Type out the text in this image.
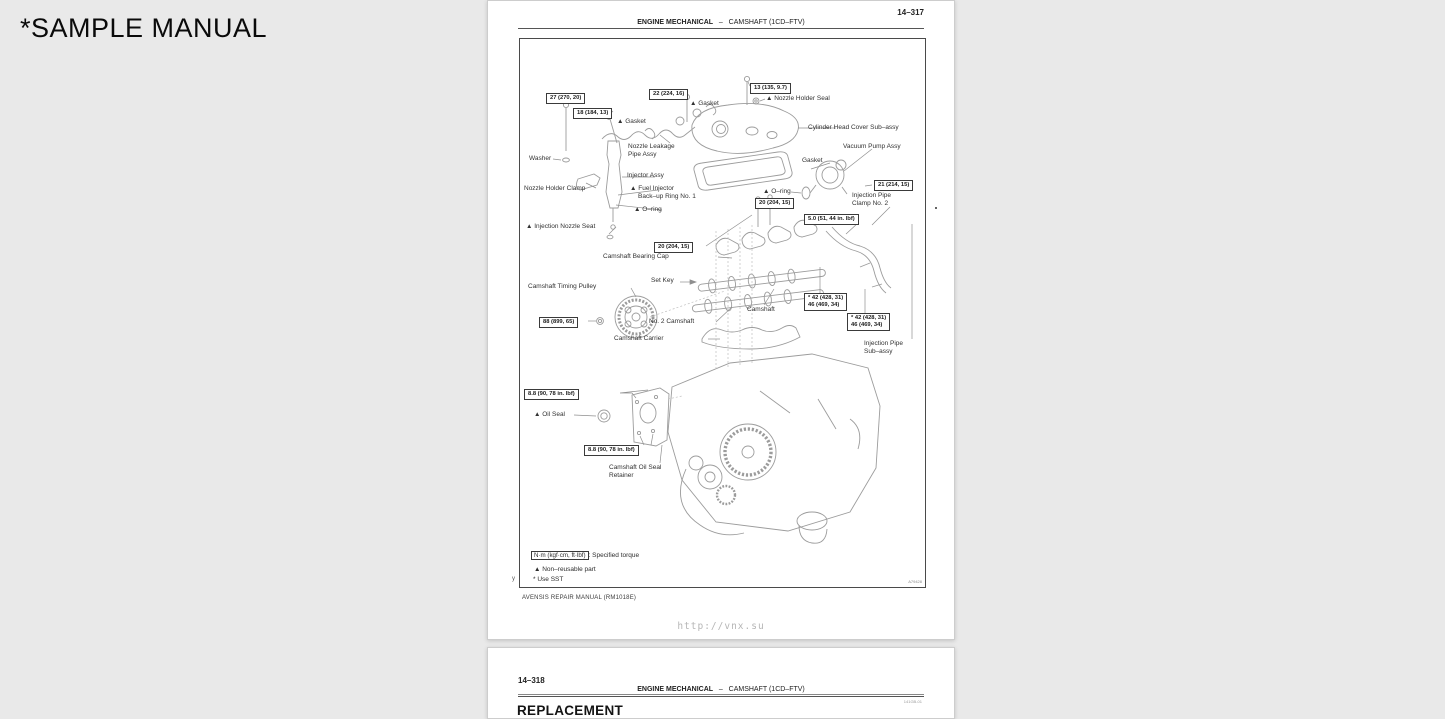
*SAMPLE MANUAL
14–317
ENGINE MECHANICAL – CAMSHAFT (1CD–FTV)
27 (270, 20)
18 (184, 13)
22 (224, 16)
13 (135, 9.7)
20 (204, 15)
21 (214, 15)
5.0 (51, 44 in. lbf)
20 (204, 15)
88 (899, 65)
* 42 (428, 31)
46 (469, 34)
* 42 (428, 31)
46 (469, 34)
8.8 (90, 78 in. lbf)
8.8 (90, 78 in. lbf)
▲ Gasket
▲ Gasket
▲ Nozzle Holder Seal
Cylinder Head Cover Sub–assy
Vacuum Pump Assy
Nozzle Leakage
Pipe Assy
Washer
Injector Assy
Nozzle Holder Clamp	▲ Fuel Injector
Back–up Ring No. 1
Gasket
▲ O–ring
Injection Pipe
Clamp No. 2
▲ O–ring
▲ Injection Nozzle Seat
Camshaft Bearing Cap
Set Key
Camshaft Timing Pulley
Camshaft
No. 2 Camshaft
Camshaft Carrier
Injection Pipe
Sub–assy
▲ Oil Seal
Camshaft Oil Seal
Retainer
N·m (kgf·cm, ft·lbf) : Specified torque
▲ Non–reusable part
* Use SST	A79428
y
AVENSIS REPAIR MANUAL (RM1018E)
http://vnx.su
14–318
ENGINE MECHANICAL – CAMSHAFT (1CD–FTV)
141GB-01
REPLACEMENT
